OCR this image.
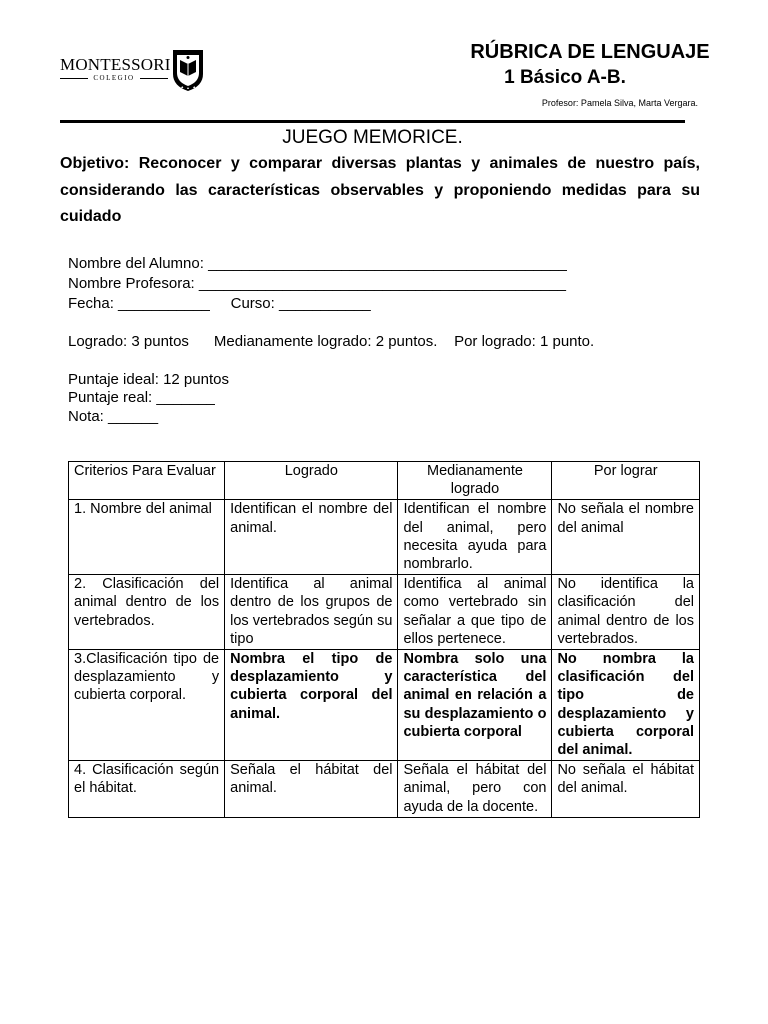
MONTESSORI
COLEGIO
RÚBRICA DE LENGUAJE
1 Básico A-B.
Profesor: Pamela Silva, Marta Vergara.
JUEGO MEMORICE.
Objetivo: Reconocer y comparar diversas plantas y animales de nuestro país, considerando las características observables y proponiendo medidas para su cuidado
Nombre del Alumno: ___________________________________________
Nombre Profesora: ____________________________________________
Fecha: ___________     Curso: ___________
Logrado: 3 puntos      Medianamente logrado: 2 puntos.    Por logrado: 1 punto.
Puntaje ideal: 12 puntos
Puntaje real: _______
Nota: ______
Criterios Para Evaluar	Logrado	Medianamente logrado	Por lograr
1. Nombre del animal	Identifican el nombre del animal.	Identifican el nombre del animal, pero necesita ayuda para nombrarlo.	No señala el nombre del animal
2. Clasificación del animal dentro de los vertebrados.	Identifica al animal dentro de los grupos de los vertebrados según su tipo	Identifica al animal como vertebrado sin señalar a que tipo de ellos pertenece.	No identifica la clasificación del animal dentro de los vertebrados.
3.Clasificación tipo de desplazamiento y cubierta corporal.	Nombra el tipo de desplazamiento y cubierta corporal del animal.	Nombra solo una característica del animal en relación a su desplazamiento o cubierta corporal	No nombra la clasificación del tipo de desplazamiento y cubierta corporal del animal.
4. Clasificación según el hábitat.	Señala el hábitat del animal.	Señala el hábitat del animal, pero con ayuda de la docente.	No señala el hábitat del animal.
